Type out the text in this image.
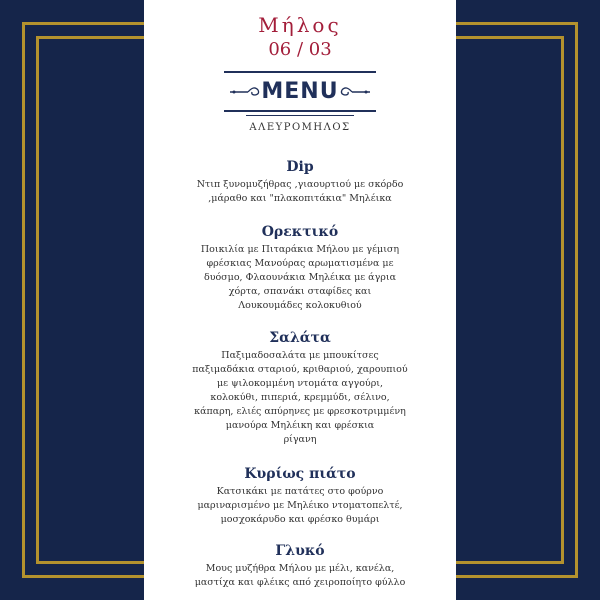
Μήλος
06 / 03
MENU
ΑΛΕΥΡΟΜΗΛΟΣ
Dip

Ντιπ ξυνομυζήθρας ,γιαουρτιού με σκόρδο
,μάραθο και "πλακοπιτάκια" Μηλέικα

Ορεκτικό

Ποικιλία με Πιταράκια Μήλου με γέμιση
φρέσκιας Μανούρας αρωματισμένα με
δυόσμο, Φλαουνάκια Μηλέικα με άγρια
χόρτα, σπανάκι σταφίδες και
Λουκουμάδες κολοκυθιού

Σαλάτα

Παξιμαδοσαλάτα με μπουκίτσες
παξιμαδάκια σταριού, κριθαριού, χαρουπιού
με ψιλοκομμένη ντομάτα αγγούρι,
κολοκύθι, πιπεριά, κρεμμύδι, σέλινο,
κάπαρη, ελιές απύρηνες με φρεσκοτριμμένη
μανούρα Μηλέικη και φρέσκια
ρίγανη

Κυρίως πιάτο

Κατσικάκι με πατάτες στο φούρνο
μαριναρισμένο με Μηλέικο ντοματοπελτέ,
μοσχοκάρυδο και φρέσκο θυμάρι

Γλυκό

Μους μυζήθρα Μήλου με μέλι, κανέλα,
μαστίχα και φλέικς από χειροποίητο φύλλο
